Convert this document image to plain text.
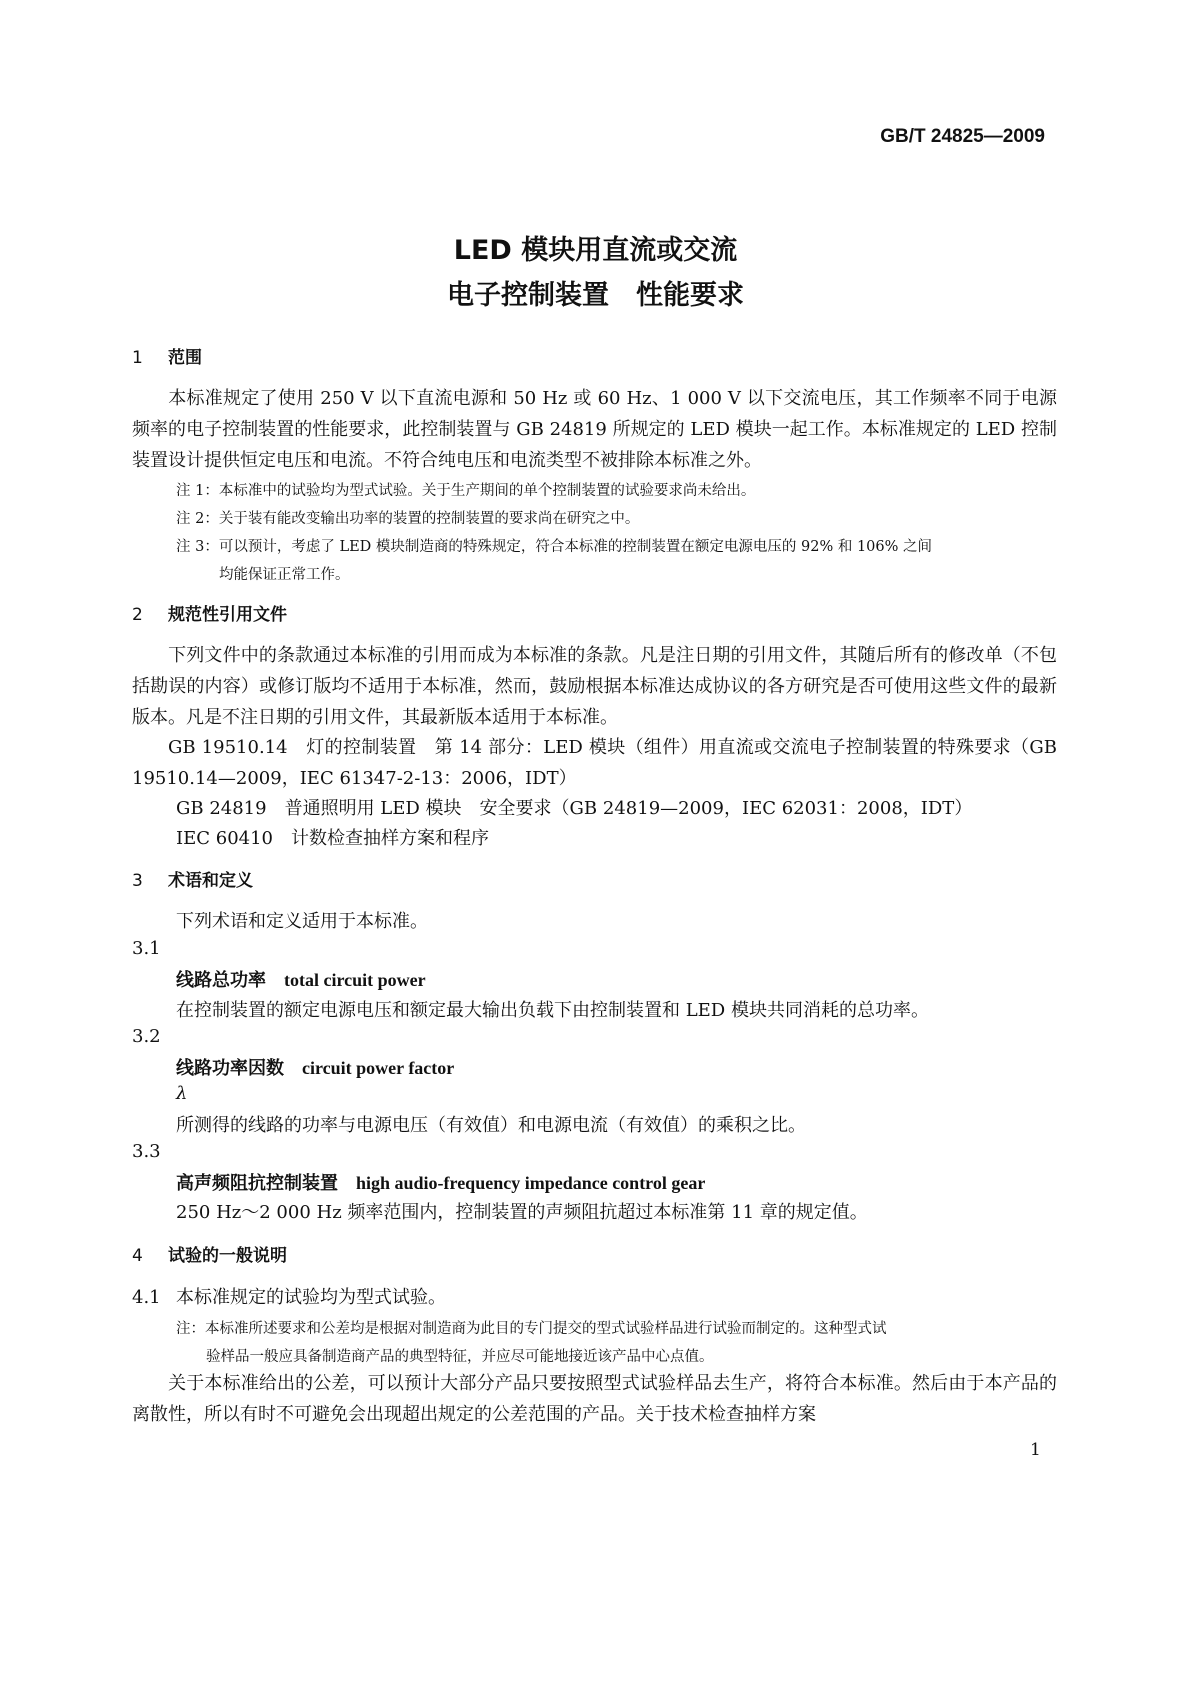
GB/T 24825—2009

LED 模块用直流或交流
电子控制装置　性能要求
1 范围

本标准规定了使用 250 V 以下直流电源和 50 Hz 或 60 Hz、1 000 V 以下交流电压，其工作频率不同于电源频率的电子控制装置的性能要求，此控制装置与 GB 24819 所规定的 LED 模块一起工作。本标准规定的 LED 控制装置设计提供恒定电压和电流。不符合纯电压和电流类型不被排除本标准之外。

注 1：本标准中的试验均为型式试验。关于生产期间的单个控制装置的试验要求尚未给出。

注 2：关于装有能改变输出功率的装置的控制装置的要求尚在研究之中。

注 3：可以预计，考虑了 LED 模块制造商的特殊规定，符合本标准的控制装置在额定电源电压的 92% 和 106% 之间
均能保证正常工作。

2 规范性引用文件

下列文件中的条款通过本标准的引用而成为本标准的条款。凡是注日期的引用文件，其随后所有的修改单（不包括勘误的内容）或修订版均不适用于本标准，然而，鼓励根据本标准达成协议的各方研究是否可使用这些文件的最新版本。凡是不注日期的引用文件，其最新版本适用于本标准。

GB 19510.14　灯的控制装置　第 14 部分：LED 模块（组件）用直流或交流电子控制装置的特殊要求（GB 19510.14—2009，IEC 61347-2-13：2006，IDT）

GB 24819　普通照明用 LED 模块　安全要求（GB 24819—2009，IEC 62031：2008，IDT）

IEC 60410　计数检查抽样方案和程序

3 术语和定义

下列术语和定义适用于本标准。

3.1

线路总功率 total circuit power

在控制装置的额定电源电压和额定最大输出负载下由控制装置和 LED 模块共同消耗的总功率。

3.2

线路功率因数 circuit power factor

λ

所测得的线路的功率与电源电压（有效值）和电源电流（有效值）的乘积之比。

3.3

高声频阻抗控制装置 high audio-frequency impedance control gear

250 Hz～2 000 Hz 频率范围内，控制装置的声频阻抗超过本标准第 11 章的规定值。

4 试验的一般说明

4.1 本标准规定的试验均为型式试验。

注：本标准所述要求和公差均是根据对制造商为此目的专门提交的型式试验样品进行试验而制定的。这种型式试
验样品一般应具备制造商产品的典型特征，并应尽可能地接近该产品中心点值。

关于本标准给出的公差，可以预计大部分产品只要按照型式试验样品去生产，将符合本标准。然后由于本产品的离散性，所以有时不可避免会出现超出规定的公差范围的产品。关于技术检查抽样方案

1
